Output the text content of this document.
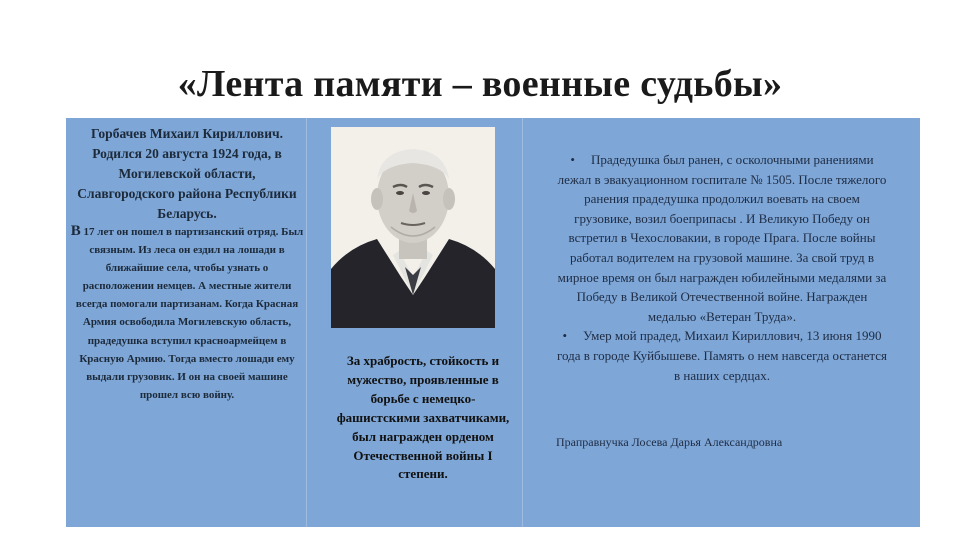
«Лента памяти – военные судьбы»

Горбачев Михаил Кириллович. Родился 20 августа 1924 года, в Могилевской области, Славгородского района Республики Беларусь.

В 17 лет он пошел в партизанский отряд. Был связным. Из леса он ездил на лошади в ближайшие села, чтобы узнать о расположении немцев. А местные жители всегда помогали партизанам. Когда Красная Армия освободила Могилевскую область, прадедушка вступил красноармейцем в Красную Армию. Тогда вместо лошади ему выдали грузовик. И он на своей машине прошел всю войну.

За храбрость, стойкость и мужество, проявленные в борьбе с немецко-фашистскими захватчиками, был награжден орденом Отечественной войны I степени.

• Прадедушка был ранен, с осколочными ранениями лежал в эвакуационном госпитале № 1505. После тяжелого ранения прадедушка продолжил воевать на своем грузовике, возил боеприпасы . И Великую Победу он встретил в Чехословакии, в городе Прага. После войны работал водителем на грузовой машине. За свой труд в мирное время он был награжден юбилейными медалями за Победу в Великой Отечественной войне. Награжден медалью «Ветеран Труда».

• Умер мой прадед, Михаил Кириллович, 13 июня 1990 года в городе Куйбышеве. Память о нем навсегда останется в наших сердцах.

Праправнучка Лосева Дарья Александровна
